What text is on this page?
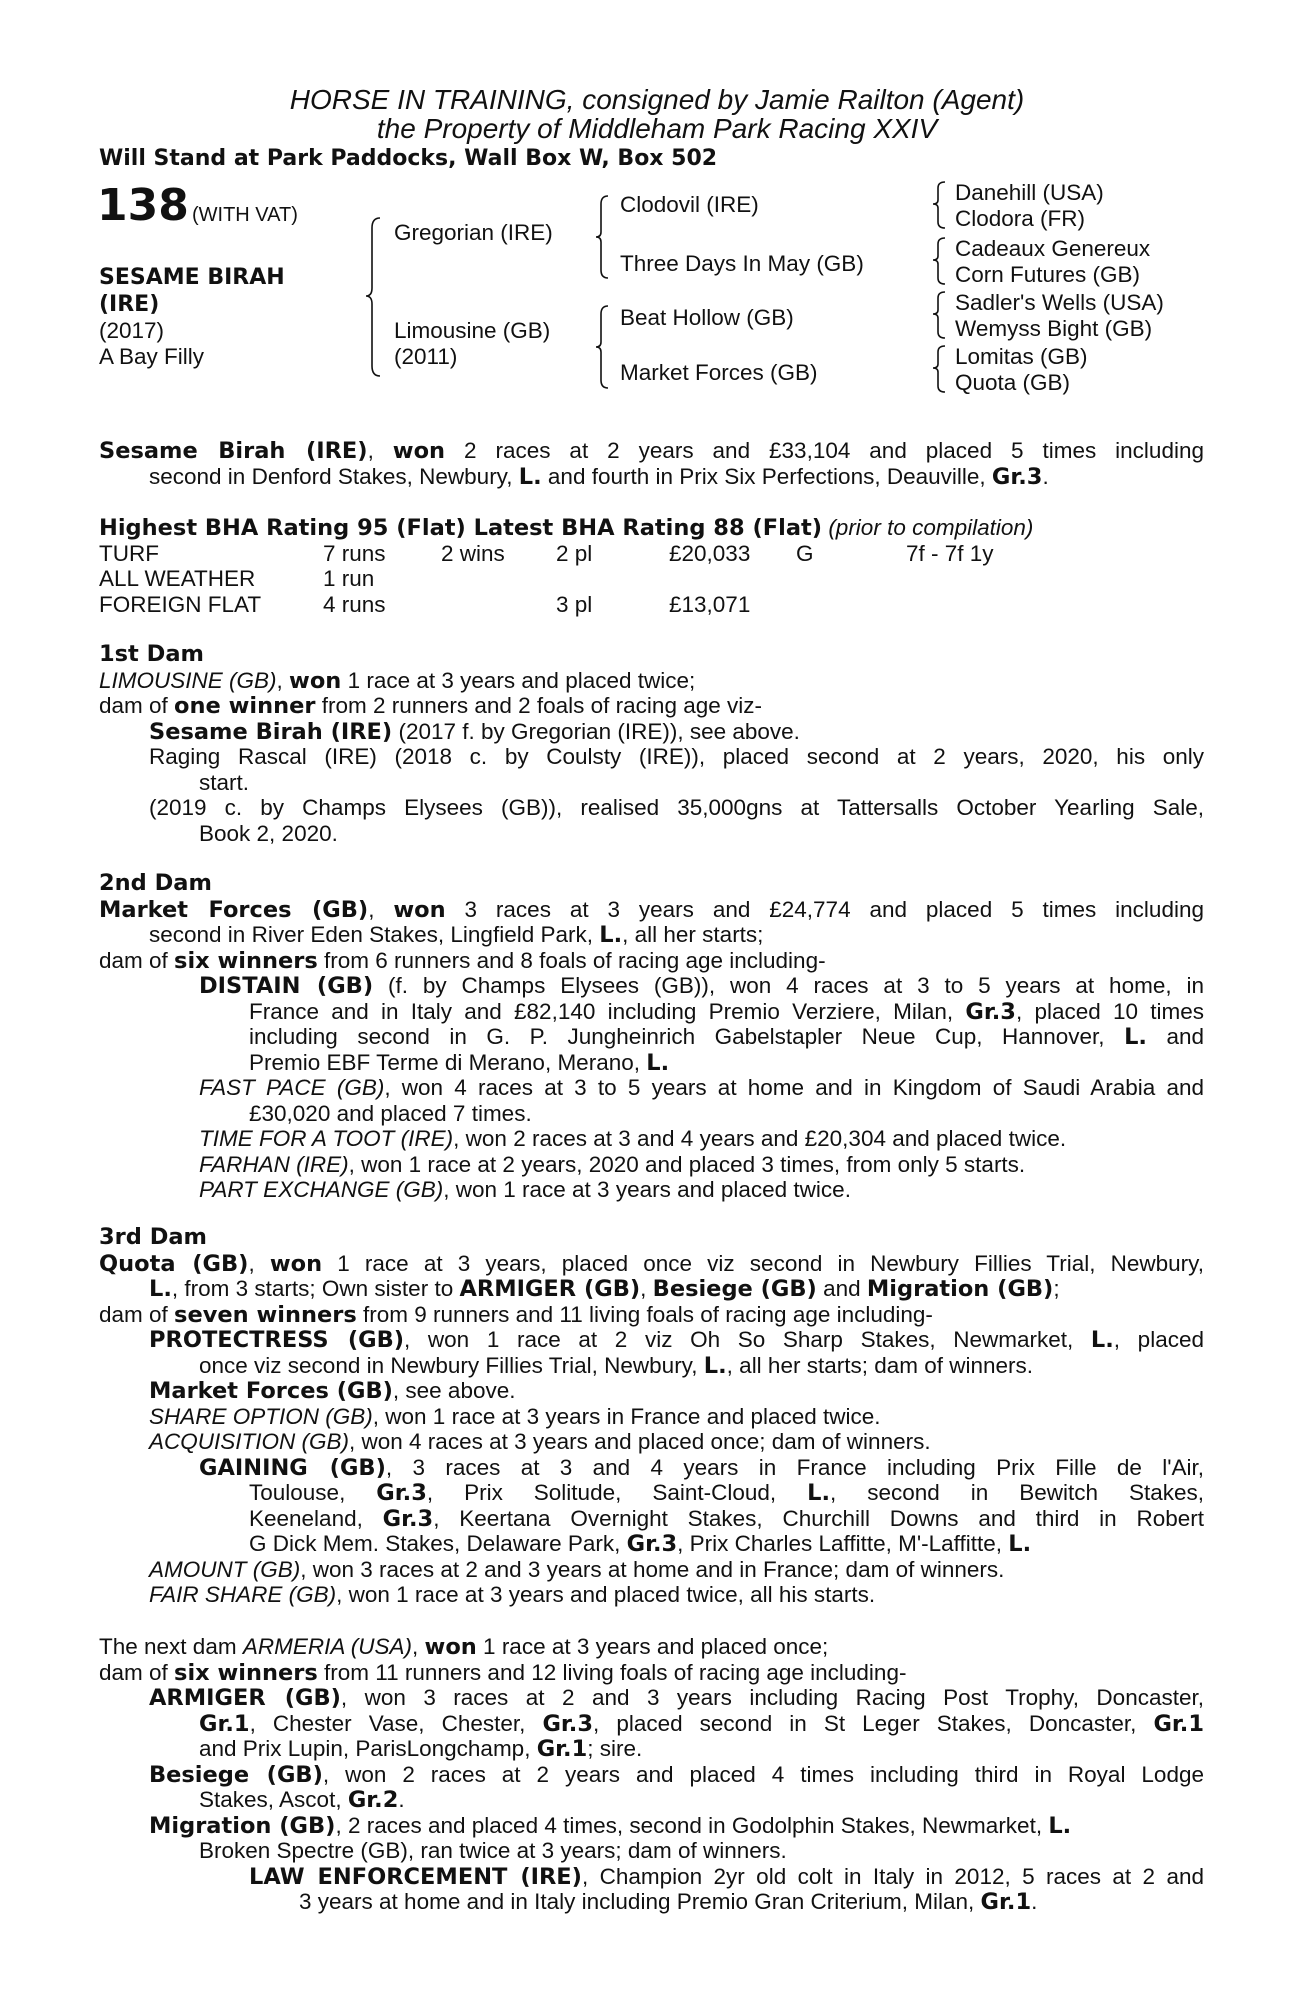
HORSE IN TRAINING, consigned by Jamie Railton (Agent)
the Property of Middleham Park Racing XXIV
Will Stand at Park Paddocks, Wall Box W, Box 502
138 (WITH VAT)
SESAME BIRAH
(IRE)
(2017)
A Bay Filly
Gregorian (IRE)
Limousine (GB)
(2011)
Clodovil (IRE)
Three Days In May (GB)
Beat Hollow (GB)
Market Forces (GB)
Danehill (USA)
Clodora (FR)
Cadeaux Genereux
Corn Futures (GB)
Sadler's Wells (USA)
Wemyss Bight (GB)
Lomitas (GB)
Quota (GB)
Sesame Birah (IRE), won 2 races at 2 years and £33,104 and placed 5 times including
second in Denford Stakes, Newbury, L. and fourth in Prix Six Perfections, Deauville, Gr.3.
Highest BHA Rating 95 (Flat) Latest BHA Rating 88 (Flat) (prior to compilation)
TURF	7 runs 2 wins 2 pl	£20,033 G	7f - 7f 1y
ALL WEATHER	1 run
FOREIGN FLAT	4 runs	3 pl	£13,071
1st Dam
LIMOUSINE (GB), won 1 race at 3 years and placed twice;
dam of one winner from 2 runners and 2 foals of racing age viz-
Sesame Birah (IRE) (2017 f. by Gregorian (IRE)), see above.
Raging Rascal (IRE) (2018 c. by Coulsty (IRE)), placed second at 2 years, 2020, his only
start.
(2019 c. by Champs Elysees (GB)), realised 35,000gns at Tattersalls October Yearling Sale,
Book 2, 2020.
2nd Dam
Market Forces (GB), won 3 races at 3 years and £24,774 and placed 5 times including
second in River Eden Stakes, Lingfield Park, L., all her starts;
dam of six winners from 6 runners and 8 foals of racing age including-
DISTAIN (GB) (f. by Champs Elysees (GB)), won 4 races at 3 to 5 years at home, in
France and in Italy and £82,140 including Premio Verziere, Milan, Gr.3, placed 10 times
including second in G. P. Jungheinrich Gabelstapler Neue Cup, Hannover, L. and
Premio EBF Terme di Merano, Merano, L.
FAST PACE (GB), won 4 races at 3 to 5 years at home and in Kingdom of Saudi Arabia and
£30,020 and placed 7 times.
TIME FOR A TOOT (IRE), won 2 races at 3 and 4 years and £20,304 and placed twice.
FARHAN (IRE), won 1 race at 2 years, 2020 and placed 3 times, from only 5 starts.
PART EXCHANGE (GB), won 1 race at 3 years and placed twice.
3rd Dam
Quota (GB), won 1 race at 3 years, placed once viz second in Newbury Fillies Trial, Newbury,
L., from 3 starts; Own sister to ARMIGER (GB), Besiege (GB) and Migration (GB);
dam of seven winners from 9 runners and 11 living foals of racing age including-
PROTECTRESS (GB), won 1 race at 2 viz Oh So Sharp Stakes, Newmarket, L., placed
once viz second in Newbury Fillies Trial, Newbury, L., all her starts; dam of winners.
Market Forces (GB), see above.
SHARE OPTION (GB), won 1 race at 3 years in France and placed twice.
ACQUISITION (GB), won 4 races at 3 years and placed once; dam of winners.
GAINING (GB), 3 races at 3 and 4 years in France including Prix Fille de l'Air,
Toulouse, Gr.3, Prix Solitude, Saint-Cloud, L., second in Bewitch Stakes,
Keeneland, Gr.3, Keertana Overnight Stakes, Churchill Downs and third in Robert
G Dick Mem. Stakes, Delaware Park, Gr.3, Prix Charles Laffitte, M'-Laffitte, L.
AMOUNT (GB), won 3 races at 2 and 3 years at home and in France; dam of winners.
FAIR SHARE (GB), won 1 race at 3 years and placed twice, all his starts.
The next dam ARMERIA (USA), won 1 race at 3 years and placed once;
dam of six winners from 11 runners and 12 living foals of racing age including-
ARMIGER (GB), won 3 races at 2 and 3 years including Racing Post Trophy, Doncaster,
Gr.1, Chester Vase, Chester, Gr.3, placed second in St Leger Stakes, Doncaster, Gr.1
and Prix Lupin, ParisLongchamp, Gr.1; sire.
Besiege (GB), won 2 races at 2 years and placed 4 times including third in Royal Lodge
Stakes, Ascot, Gr.2.
Migration (GB), 2 races and placed 4 times, second in Godolphin Stakes, Newmarket, L.
Broken Spectre (GB), ran twice at 3 years; dam of winners.
LAW ENFORCEMENT (IRE), Champion 2yr old colt in Italy in 2012, 5 races at 2 and
3 years at home and in Italy including Premio Gran Criterium, Milan, Gr.1.
